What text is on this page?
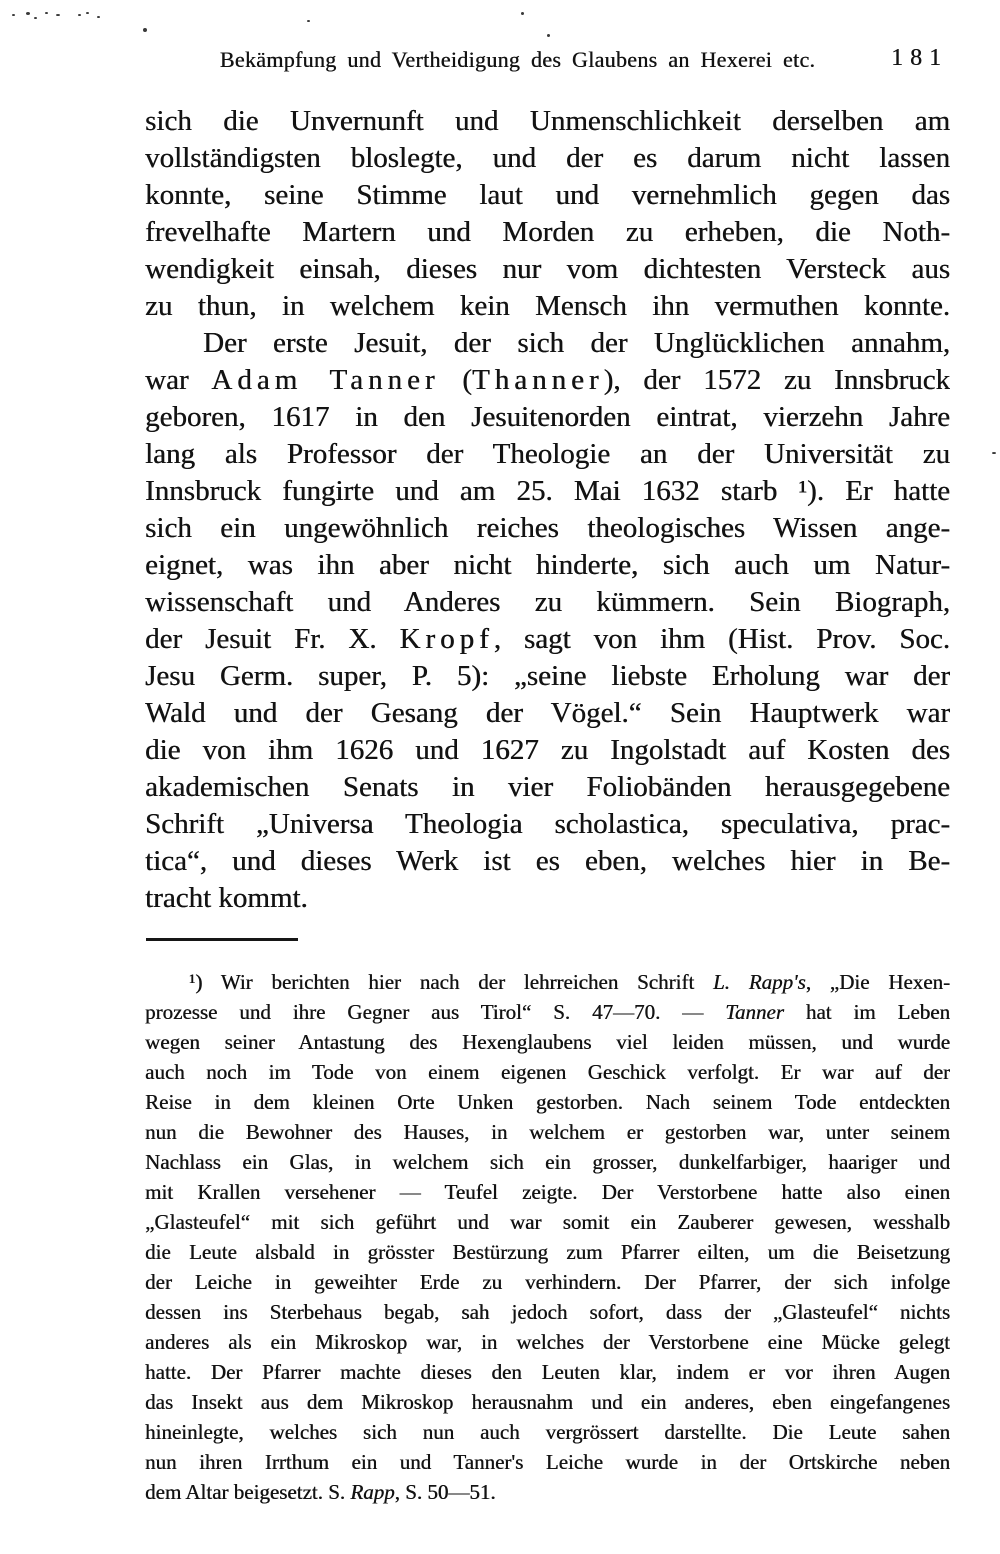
Bekämpfung und Vertheidigung des Glaubens an Hexerei etc.	181
sich die Unvernunft und Unmenschlichkeit derselben am
vollständigsten bloslegte, und der es darum nicht lassen
konnte, seine Stimme laut und vernehmlich gegen das
frevelhafte Martern und Morden zu erheben, die Noth-
wendigkeit einsah, dieses nur vom dichtesten Versteck aus
zu thun, in welchem kein Mensch ihn vermuthen konnte.
Der erste Jesuit, der sich der Unglücklichen annahm,
war Adam Tanner (Thanner), der 1572 zu Innsbruck
geboren, 1617 in den Jesuitenorden eintrat, vierzehn Jahre
lang als Professor der Theologie an der Universität zu
Innsbruck fungirte und am 25. Mai 1632 starb ¹). Er hatte
sich ein ungewöhnlich reiches theologisches Wissen ange-
eignet, was ihn aber nicht hinderte, sich auch um Natur-
wissenschaft und Anderes zu kümmern. Sein Biograph,
der Jesuit Fr. X. Kropf, sagt von ihm (Hist. Prov. Soc.
Jesu Germ. super, P. 5): „seine liebste Erholung war der
Wald und der Gesang der Vögel.“ Sein Hauptwerk war
die von ihm 1626 und 1627 zu Ingolstadt auf Kosten des
akademischen Senats in vier Foliobänden herausgegebene
Schrift „Universa Theologia scholastica, speculativa, prac-
tica“, und dieses Werk ist es eben, welches hier in Be-
tracht kommt.
¹) Wir berichten hier nach der lehrreichen Schrift L. Rapp's, „Die Hexen-
prozesse und ihre Gegner aus Tirol“ S. 47—70. — Tanner hat im Leben
wegen seiner Antastung des Hexenglaubens viel leiden müssen, und wurde
auch noch im Tode von einem eigenen Geschick verfolgt. Er war auf der
Reise in dem kleinen Orte Unken gestorben. Nach seinem Tode entdeckten
nun die Bewohner des Hauses, in welchem er gestorben war, unter seinem
Nachlass ein Glas, in welchem sich ein grosser, dunkelfarbiger, haariger und
mit Krallen versehener — Teufel zeigte. Der Verstorbene hatte also einen
„Glasteufel“ mit sich geführt und war somit ein Zauberer gewesen, wesshalb
die Leute alsbald in grösster Bestürzung zum Pfarrer eilten, um die Beisetzung
der Leiche in geweihter Erde zu verhindern. Der Pfarrer, der sich infolge
dessen ins Sterbehaus begab, sah jedoch sofort, dass der „Glasteufel“ nichts
anderes als ein Mikroskop war, in welches der Verstorbene eine Mücke gelegt
hatte. Der Pfarrer machte dieses den Leuten klar, indem er vor ihren Augen
das Insekt aus dem Mikroskop herausnahm und ein anderes, eben eingefangenes
hineinlegte, welches sich nun auch vergrössert darstellte. Die Leute sahen
nun ihren Irrthum ein und Tanner's Leiche wurde in der Ortskirche neben
dem Altar beigesetzt. S. Rapp, S. 50—51.
